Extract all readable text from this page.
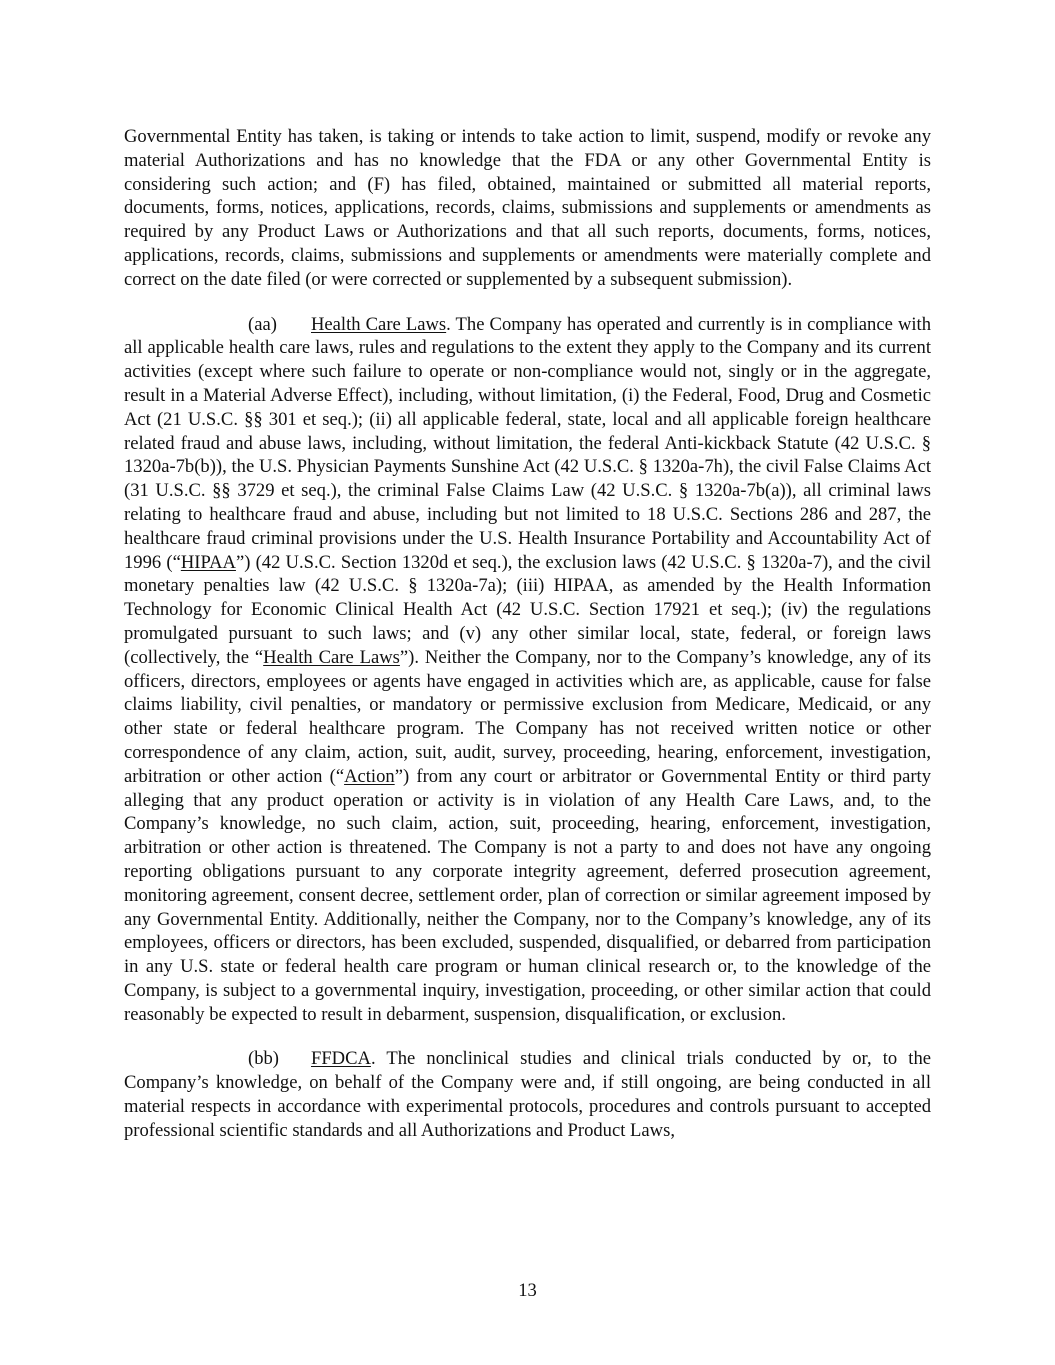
Governmental Entity has taken, is taking or intends to take action to limit, suspend, modify or revoke any material Authorizations and has no knowledge that the FDA or any other Governmental Entity is considering such action; and (F) has filed, obtained, maintained or submitted all material reports, documents, forms, notices, applications, records, claims, submissions and supplements or amendments as required by any Product Laws or Authorizations and that all such reports, documents, forms, notices, applications, records, claims, submissions and supplements or amendments were materially complete and correct on the date filed (or were corrected or supplemented by a subsequent submission).

(aa) Health Care Laws. The Company has operated and currently is in compliance with all applicable health care laws, rules and regulations to the extent they apply to the Company and its current activities (except where such failure to operate or non-compliance would not, singly or in the aggregate, result in a Material Adverse Effect), including, without limitation, (i) the Federal, Food, Drug and Cosmetic Act (21 U.S.C. §§ 301 et seq.); (ii) all applicable federal, state, local and all applicable foreign healthcare related fraud and abuse laws, including, without limitation, the federal Anti-kickback Statute (42 U.S.C. § 1320a-7b(b)), the U.S. Physician Payments Sunshine Act (42 U.S.C. § 1320a-7h), the civil False Claims Act (31 U.S.C. §§ 3729 et seq.), the criminal False Claims Law (42 U.S.C. § 1320a-7b(a)), all criminal laws relating to healthcare fraud and abuse, including but not limited to 18 U.S.C. Sections 286 and 287, the healthcare fraud criminal provisions under the U.S. Health Insurance Portability and Accountability Act of 1996 (“HIPAA”) (42 U.S.C. Section 1320d et seq.), the exclusion laws (42 U.S.C. § 1320a-7), and the civil monetary penalties law (42 U.S.C. § 1320a-7a); (iii) HIPAA, as amended by the Health Information Technology for Economic Clinical Health Act (42 U.S.C. Section 17921 et seq.); (iv) the regulations promulgated pursuant to such laws; and (v) any other similar local, state, federal, or foreign laws (collectively, the “Health Care Laws”). Neither the Company, nor to the Company’s knowledge, any of its officers, directors, employees or agents have engaged in activities which are, as applicable, cause for false claims liability, civil penalties, or mandatory or permissive exclusion from Medicare, Medicaid, or any other state or federal healthcare program. The Company has not received written notice or other correspondence of any claim, action, suit, audit, survey, proceeding, hearing, enforcement, investigation, arbitration or other action (“Action”) from any court or arbitrator or Governmental Entity or third party alleging that any product operation or activity is in violation of any Health Care Laws, and, to the Company’s knowledge, no such claim, action, suit, proceeding, hearing, enforcement, investigation, arbitration or other action is threatened. The Company is not a party to and does not have any ongoing reporting obligations pursuant to any corporate integrity agreement, deferred prosecution agreement, monitoring agreement, consent decree, settlement order, plan of correction or similar agreement imposed by any Governmental Entity. Additionally, neither the Company, nor to the Company’s knowledge, any of its employees, officers or directors, has been excluded, suspended, disqualified, or debarred from participation in any U.S. state or federal health care program or human clinical research or, to the knowledge of the Company, is subject to a governmental inquiry, investigation, proceeding, or other similar action that could reasonably be expected to result in debarment, suspension, disqualification, or exclusion.

(bb) FFDCA. The nonclinical studies and clinical trials conducted by or, to the Company’s knowledge, on behalf of the Company were and, if still ongoing, are being conducted in all material respects in accordance with experimental protocols, procedures and controls pursuant to accepted professional scientific standards and all Authorizations and Product Laws,

13
